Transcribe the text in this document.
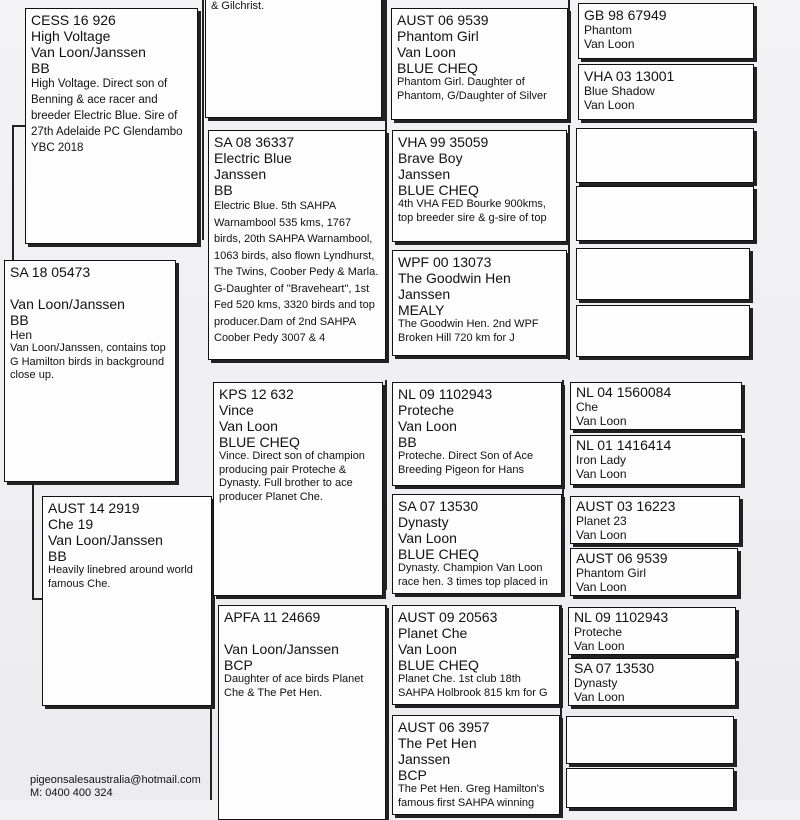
CESS 16 926
High Voltage
Van Loon/Janssen
BB
High Voltage. Direct son of Benning & ace racer and breeder Electric Blue. Sire of 27th Adelaide PC Glendambo YBC 2018
SA 18 05473
Van Loon/Janssen
BB
Hen
Van Loon/Janssen, contains top G Hamilton birds in background close up.
AUST 14 2919
Che 19
Van Loon/Janssen
BB
Heavily linebred around world famous Che.
& Gilchrist.
SA 08 36337
Electric Blue
Janssen
BB
Electric Blue. 5th SAHPA Warnambool 535 kms, 1767 birds, 20th SAHPA Warnambool, 1063 birds, also flown Lyndhurst, The Twins, Coober Pedy & Marla. G-Daughter of "Braveheart", 1st Fed 520 kms, 3320 birds and top producer.Dam of 2nd SAHPA Coober Pedy 3007 & 4
KPS 12 632
Vince
Van Loon
BLUE CHEQ
Vince. Direct son of champion producing pair Proteche & Dynasty. Full brother to ace producer Planet Che.
APFA 11 24669
Van Loon/Janssen
BCP
Daughter of ace birds Planet Che & The Pet Hen.
AUST 06 9539
Phantom Girl
Van Loon
BLUE CHEQ
Phantom Girl. Daughter of Phantom, G/Daughter of Silver
VHA 99 35059
Brave Boy
Janssen
BLUE CHEQ
4th VHA FED Bourke 900kms, top breeder sire & g-sire of top
WPF 00 13073
The Goodwin Hen
Janssen
MEALY
The Goodwin Hen. 2nd WPF Broken Hill 720 km for J
NL 09 1102943
Proteche
Van Loon
BB
Proteche. Direct Son of Ace Breeding Pigeon for Hans
SA 07 13530
Dynasty
Van Loon
BLUE CHEQ
Dynasty. Champion Van Loon race hen. 3 times top placed in
AUST 09 20563
Planet Che
Van Loon
BLUE CHEQ
Planet Che. 1st club 18th SAHPA Holbrook 815 km for G
AUST 06 3957
The Pet Hen
Janssen
BCP
The Pet Hen. Greg Hamilton's famous first SAHPA winning
GB 98 67949
Phantom
Van Loon
VHA 03 13001
Blue Shadow
Van Loon
NL 04 1560084
Che
Van Loon
NL 01 1416414
Iron Lady
Van Loon
AUST 03 16223
Planet 23
Van Loon
AUST 06 9539
Phantom Girl
Van Loon
NL 09 1102943
Proteche
Van Loon
SA 07 13530
Dynasty
Van Loon
pigeonsalesaustralia@hotmail.com
M: 0400 400 324
